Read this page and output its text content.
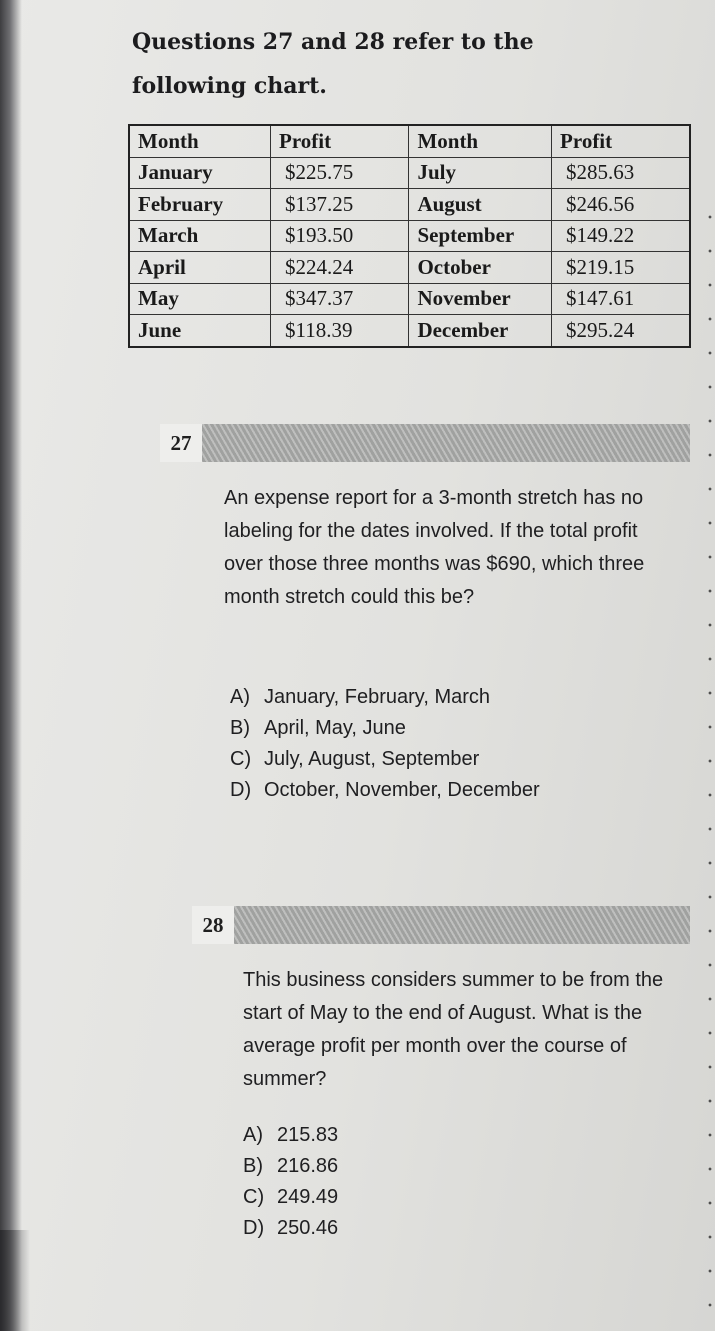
Questions 27 and 28 refer to the following chart.
Month	Profit	Month	Profit
January	$225.75	July	$285.63
February	$137.25	August	$246.56
March	$193.50	September	$149.22
April	$224.24	October	$219.15
May	$347.37	November	$147.61
June	$118.39	December	$295.24
27

An expense report for a 3-month stretch has no labeling for the dates involved. If the total profit over those three months was $690, which three month stretch could this be?

A) January, February, March
B) April, May, June
C) July, August, September
D) October, November, December
28

This business considers summer to be from the start of May to the end of August. What is the average profit per month over the course of summer?

A) 215.83
B) 216.86
C) 249.49
D) 250.46
